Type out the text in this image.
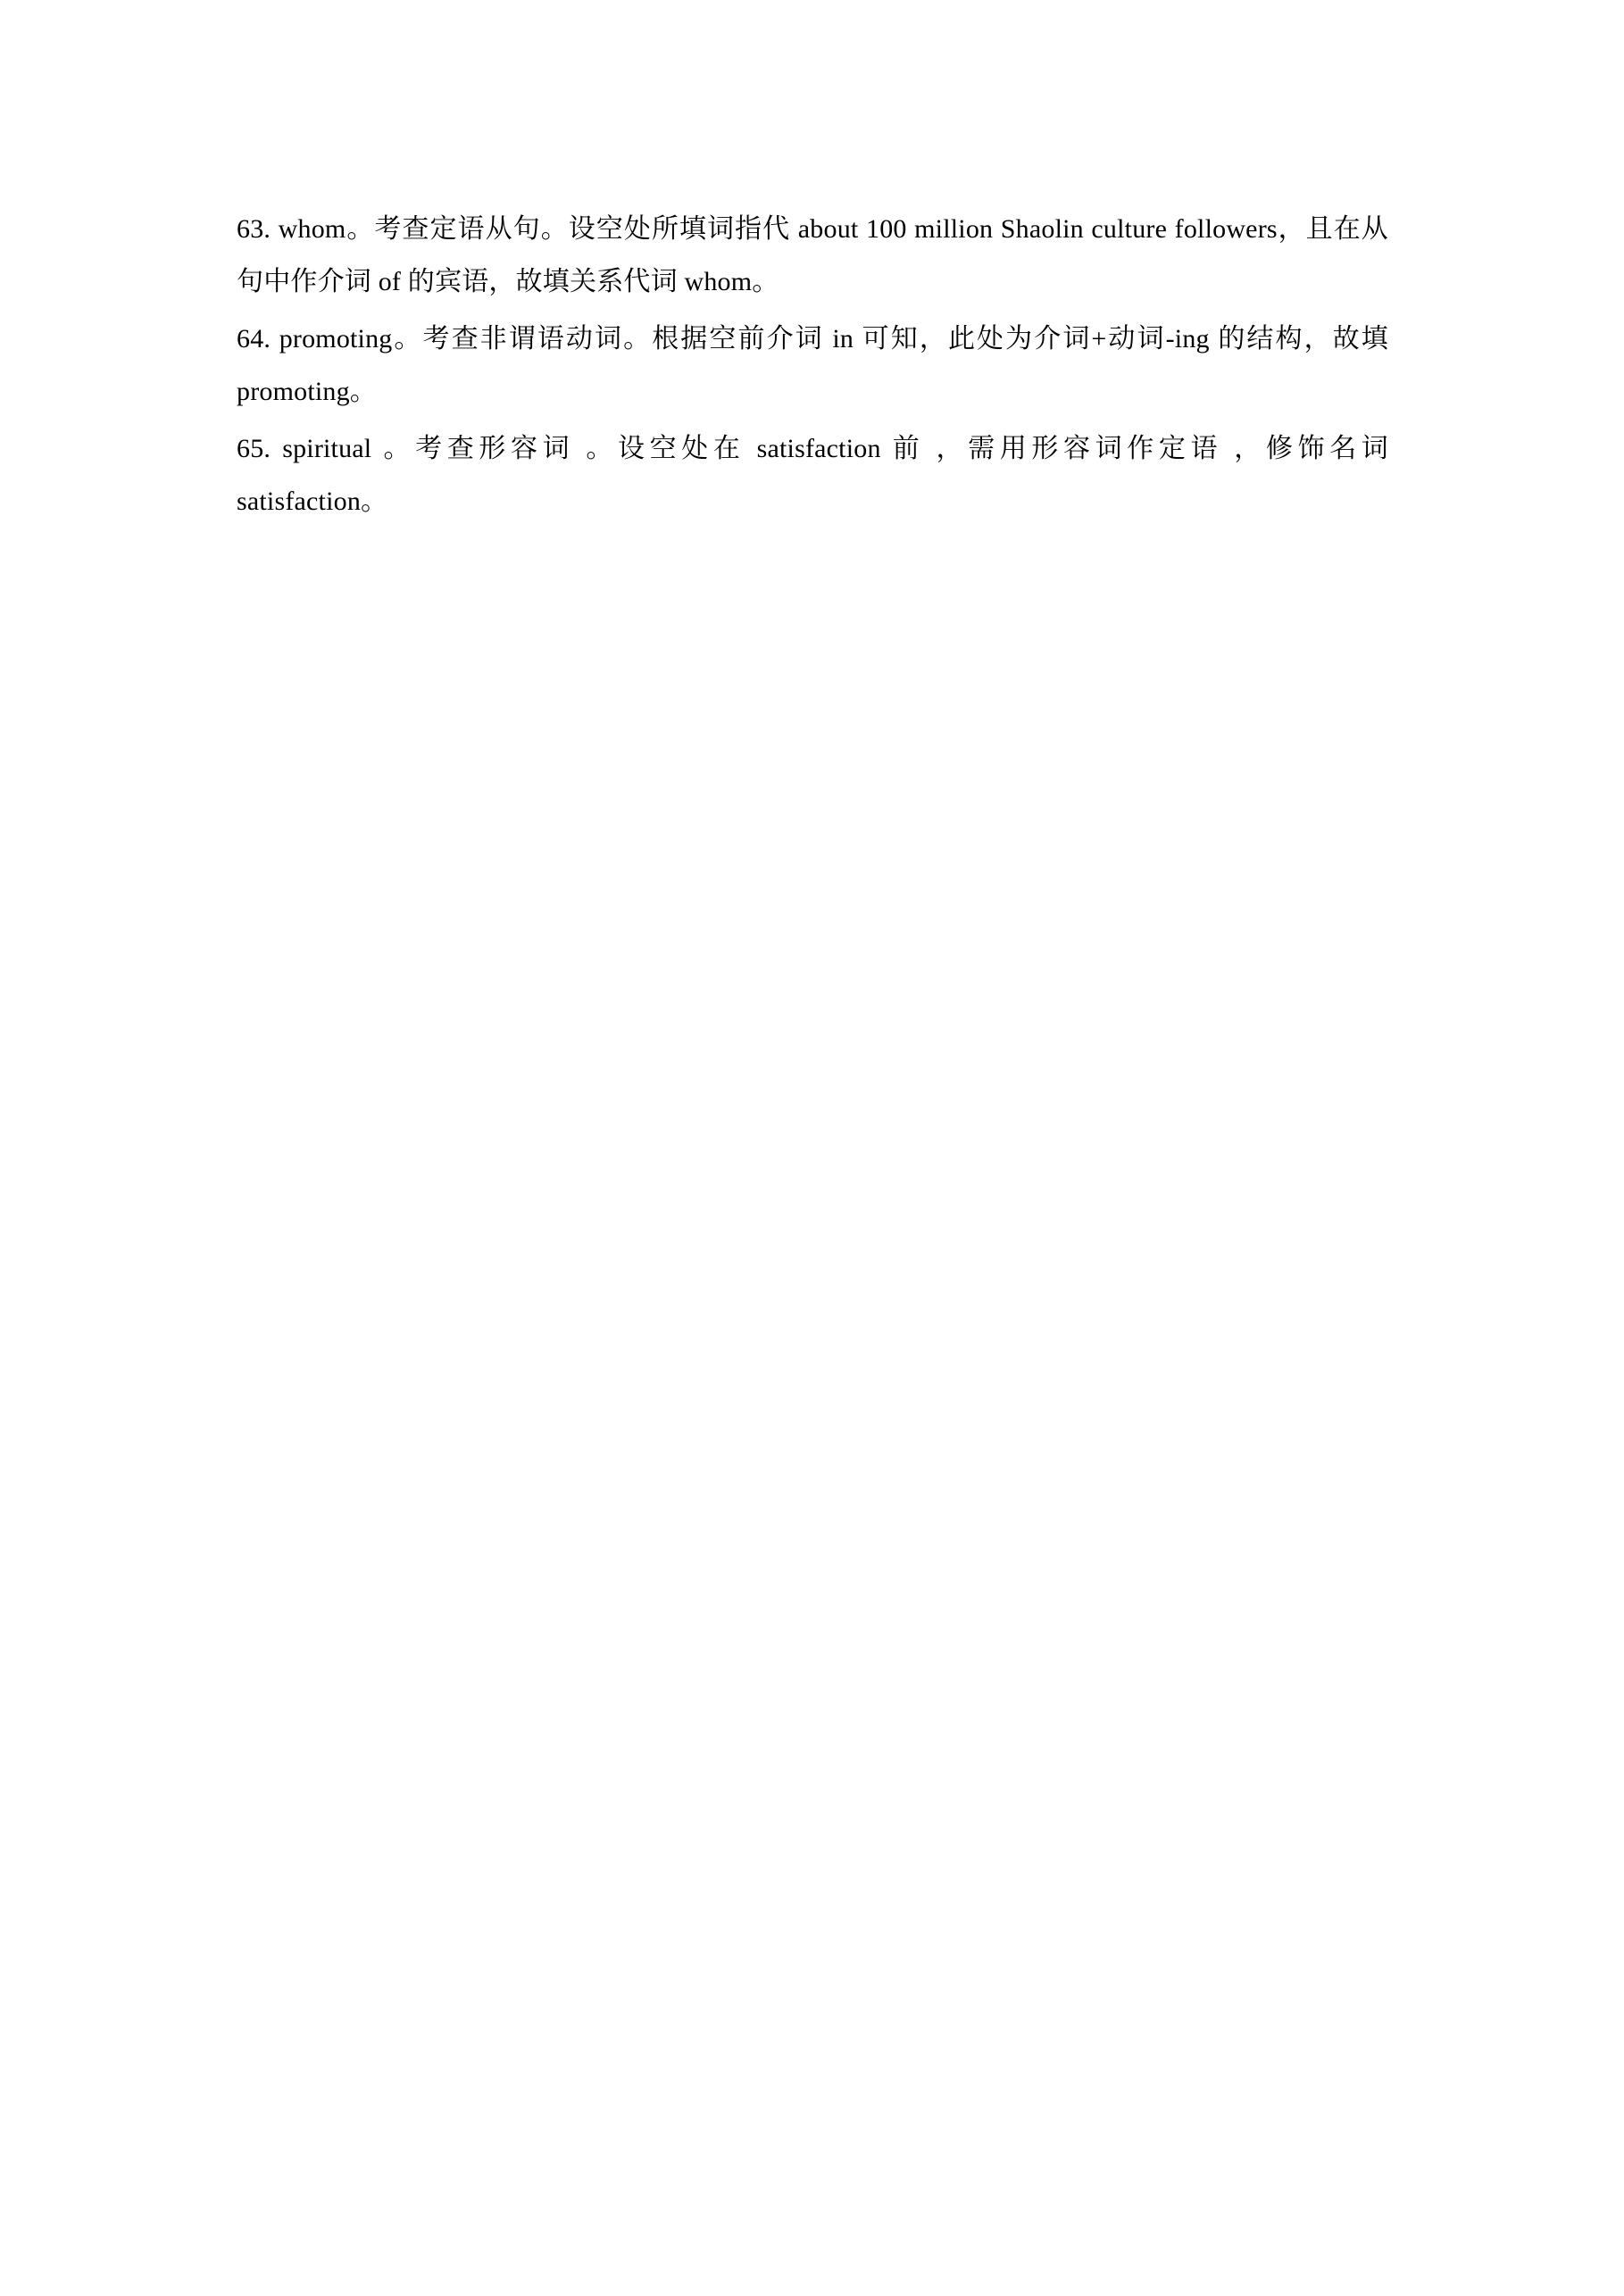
63. whom。考查定语从句。设空处所填词指代 about 100 million Shaolin culture followers，且在从句中作介词 of 的宾语，故填关系代词 whom。

64. promoting。考查非谓语动词。根据空前介词 in 可知，此处为介词+动词-ing 的结构，故填 promoting。

65. spiritual 。考查形容词 。设空处在 satisfaction 前 ，需用形容词作定语 ，修饰名词 satisfaction。
